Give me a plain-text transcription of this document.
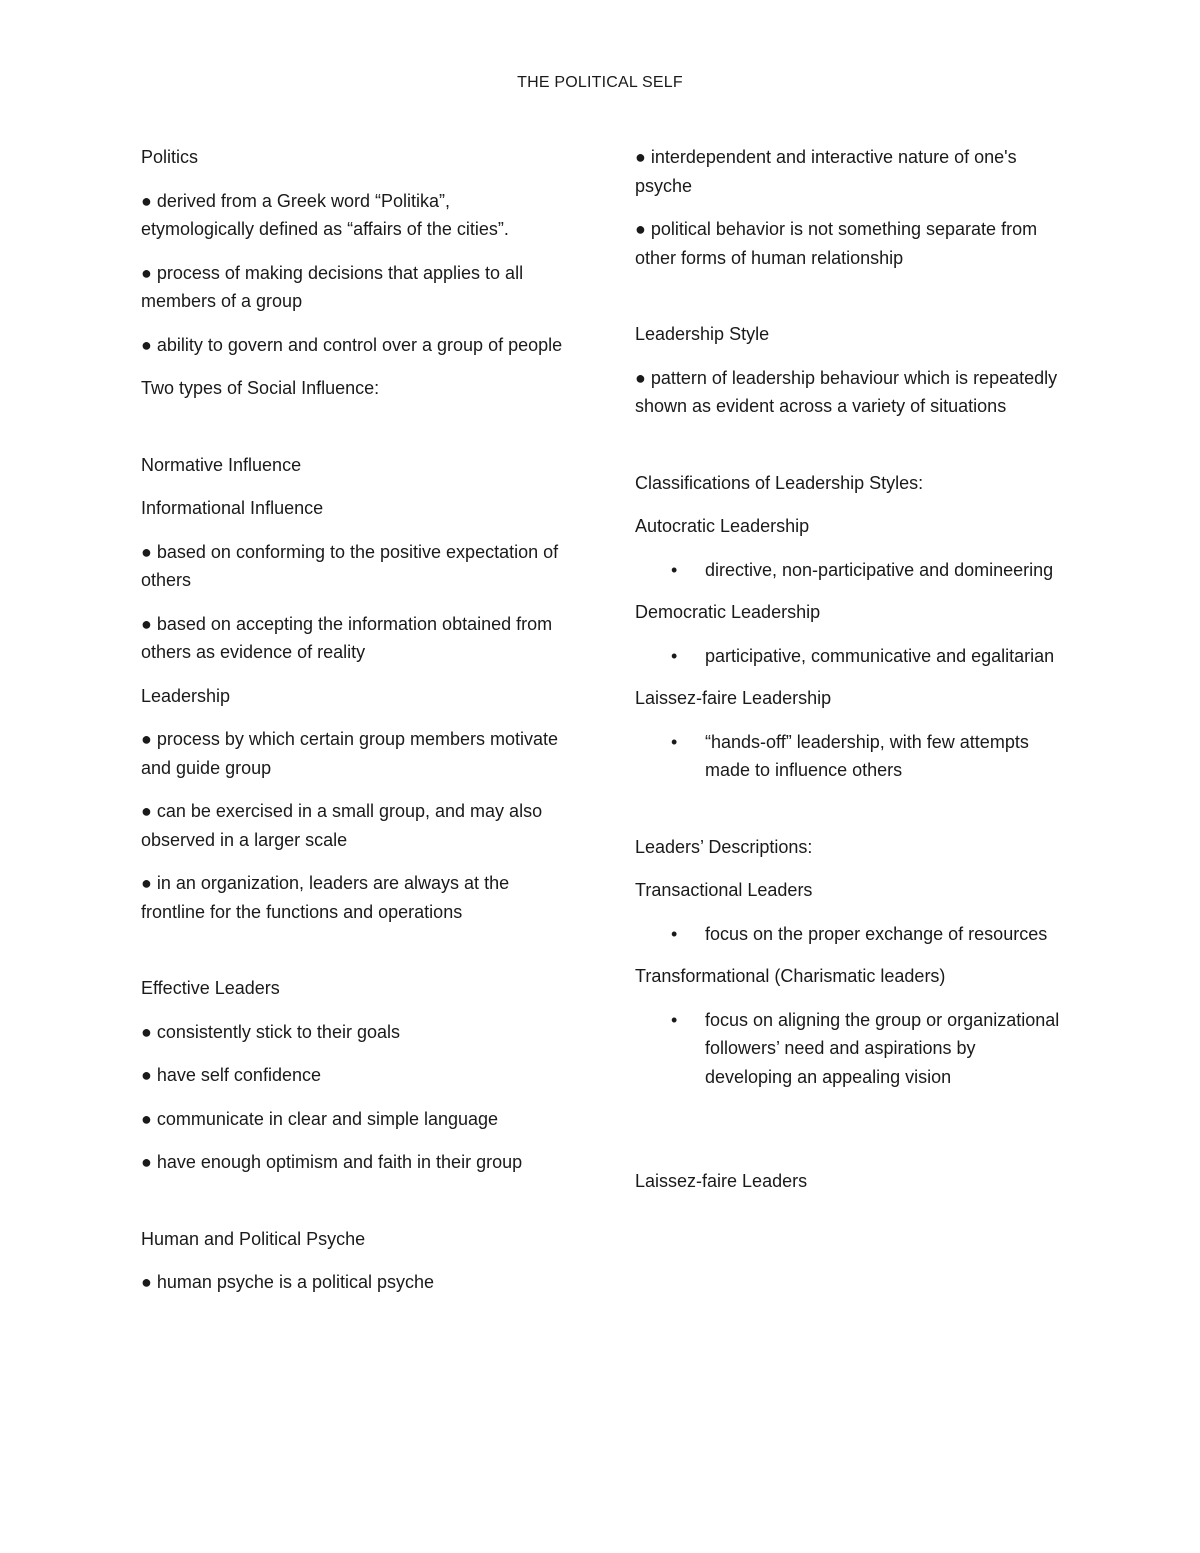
THE POLITICAL SELF

Politics

● derived from a Greek word “Politika”, etymologically defined as “affairs of the cities”.

● process of making decisions that applies to all members of a group

● ability to govern and control over a group of people

Two types of Social Influence:

Normative Influence

Informational Influence

● based on conforming to the positive expectation of others

● based on accepting the information obtained from others as evidence of reality

Leadership

● process by which certain group members motivate and guide group

● can be exercised in a small group, and may also observed in a larger scale

● in an organization, leaders are always at the frontline for the functions and operations

Effective Leaders

● consistently stick to their goals

● have self confidence

● communicate in clear and simple language

● have enough optimism and faith in their group

Human and Political Psyche

● human psyche is a political psyche

● interdependent and interactive nature of one's psyche

● political behavior is not something separate from other forms of human relationship

Leadership Style

● pattern of leadership behaviour which is repeatedly shown as evident across a variety of situations

Classifications of Leadership Styles:

Autocratic Leadership

• directive, non-participative and domineering

Democratic Leadership

• participative, communicative and egalitarian

Laissez-faire Leadership

• “hands-off” leadership, with few attempts made to influence others

Leaders’ Descriptions:

Transactional Leaders

• focus on the proper exchange of resources

Transformational (Charismatic leaders)

• focus on aligning the group or organizational followers’ need and aspirations by developing an appealing vision

Laissez-faire Leaders
